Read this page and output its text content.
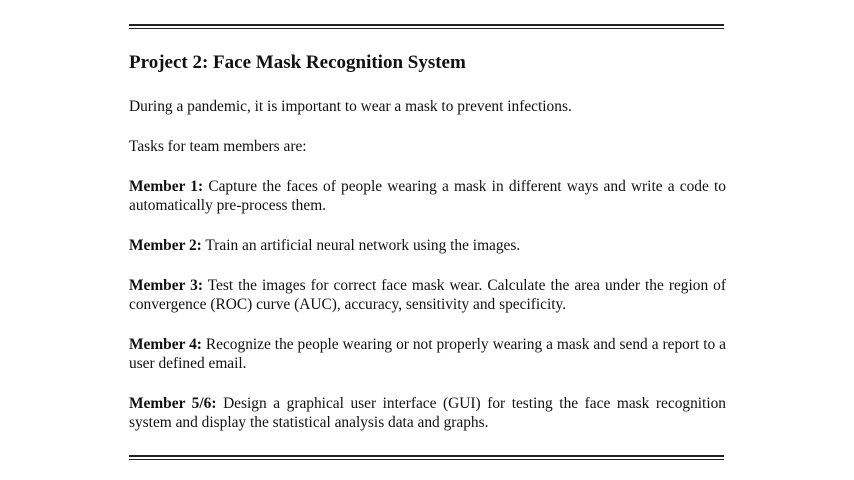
Project 2: Face Mask Recognition System

During a pandemic, it is important to wear a mask to prevent infections.

Tasks for team members are:

Member 1: Capture the faces of people wearing a mask in different ways and write a code to automatically pre-process them.

Member 2: Train an artificial neural network using the images.

Member 3: Test the images for correct face mask wear. Calculate the area under the region of convergence (ROC) curve (AUC), accuracy, sensitivity and specificity.

Member 4: Recognize the people wearing or not properly wearing a mask and send a report to a user defined email.

Member 5/6: Design a graphical user interface (GUI) for testing the face mask recognition system and display the statistical analysis data and graphs.
